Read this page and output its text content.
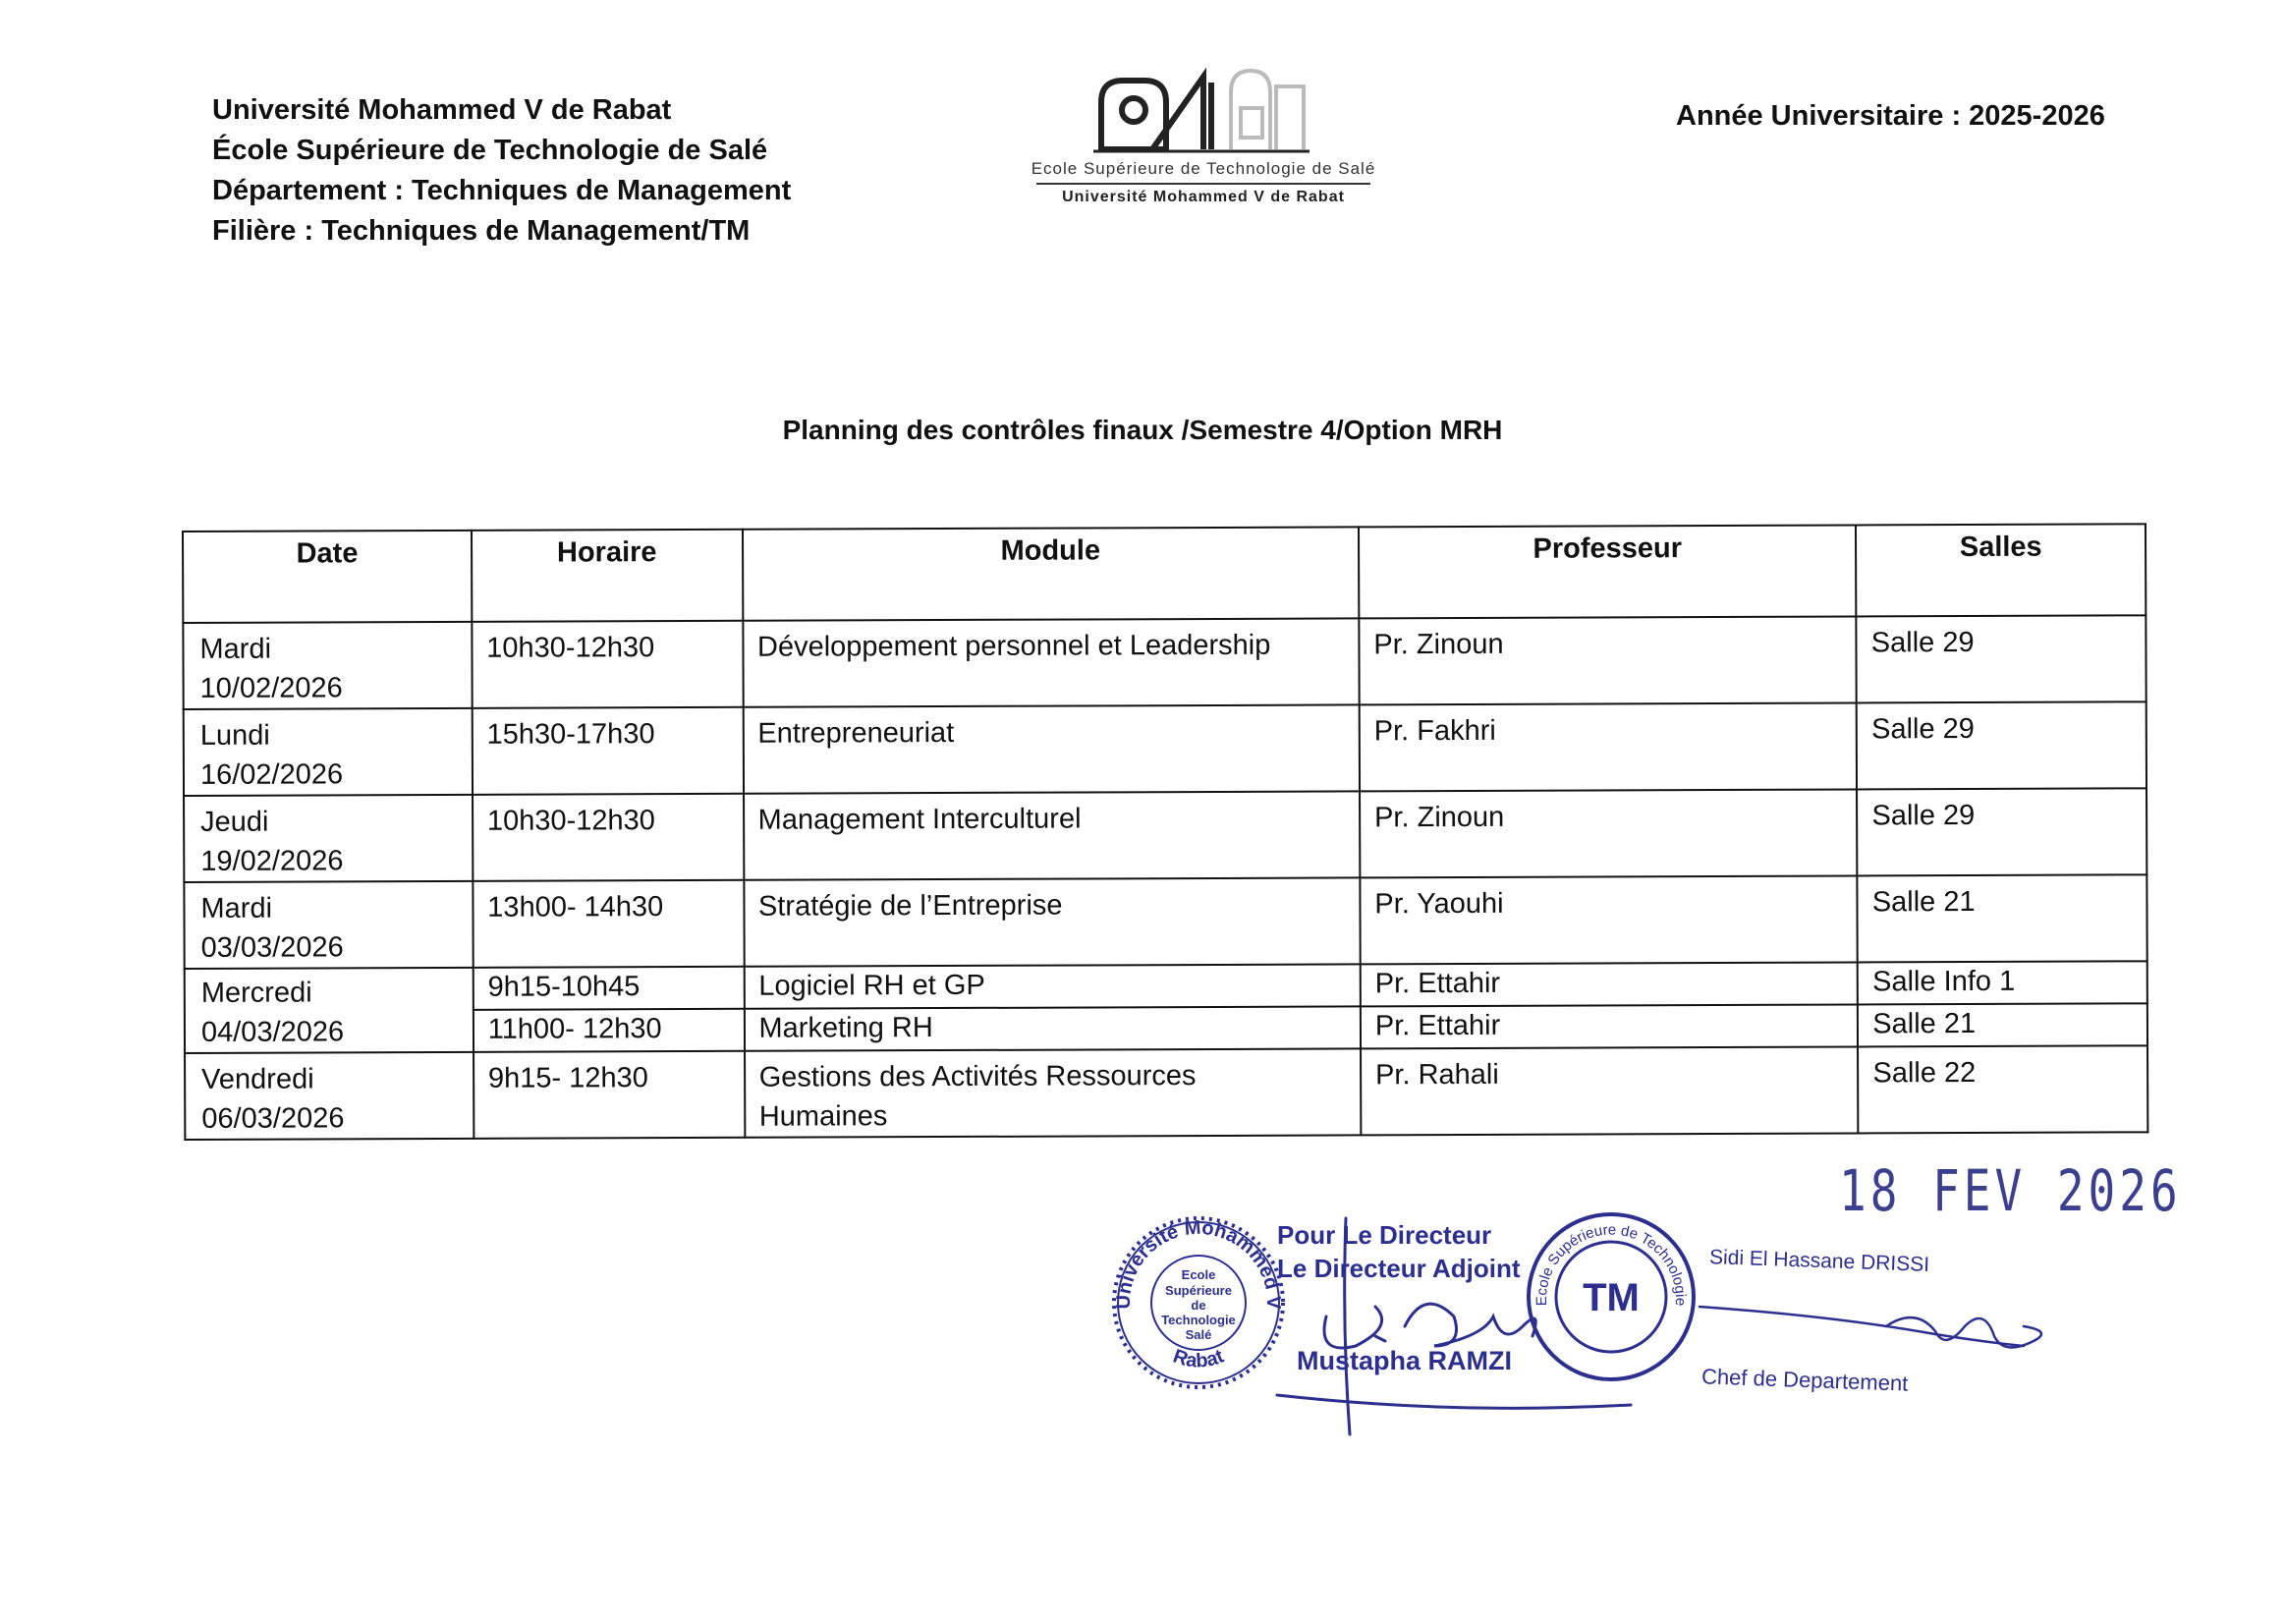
Université Mohammed V de Rabat
École Supérieure de Technologie de Salé
Département : Techniques de Management
Filière : Techniques de Management/TM
Ecole Supérieure de Technologie de Salé
Université Mohammed V de Rabat
Année Universitaire : 2025-2026
Planning des contrôles finaux /Semestre 4/Option MRH
Date	Horaire	Module	Professeur	Salles

Mardi
10/02/2026	10h30-12h30	Développement personnel et Leadership	Pr. Zinoun	Salle 29

Lundi
16/02/2026	15h30-17h30	Entrepreneuriat	Pr. Fakhri	Salle 29

Jeudi
19/02/2026	10h30-12h30	Management Interculturel	Pr. Zinoun	Salle 29

Mardi
03/03/2026	13h00- 14h30	Stratégie de l’Entreprise	Pr. Yaouhi	Salle 21

Mercredi
04/03/2026	9h15-10h45	Logiciel RH et GP	Pr. Ettahir	Salle Info 1
	11h00- 12h30	Marketing RH	Pr. Ettahir	Salle 21

Vendredi
06/03/2026	9h15- 12h30	Gestions des Activités Ressources Humaines	Pr. Rahali	Salle 22
18 FEV 2026
Université Mohammed V
Rabat
Ecole
Supérieure
de
Technologie
Salé
Pour Le Directeur
Le Directeur Adjoint
Mustapha RAMZI
Ecole Supérieure de Technologie
TM
Sidi El Hassane DRISSI
Chef de Departement
